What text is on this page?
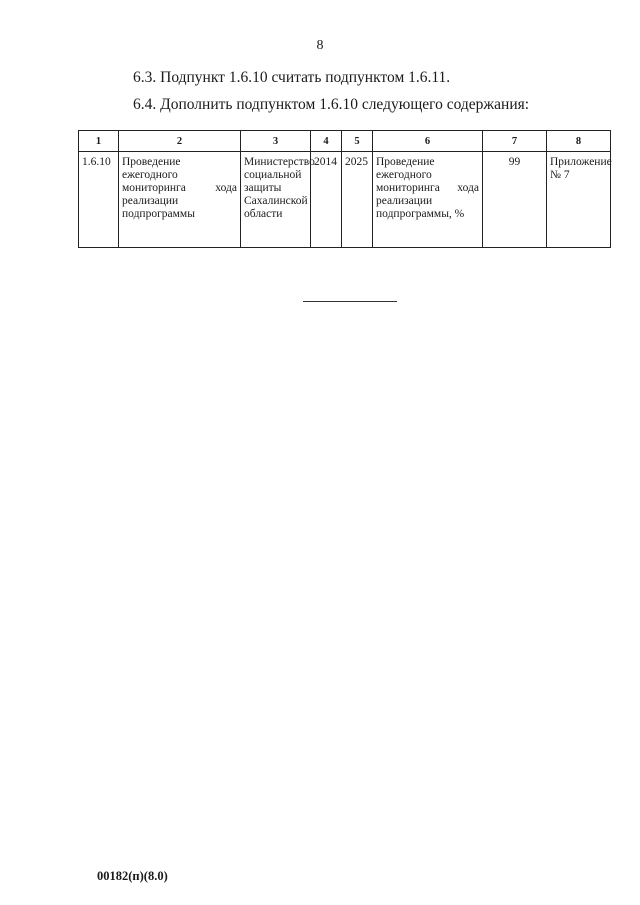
8
6.3. Подпункт 1.6.10 считать подпунктом 1.6.11.
6.4. Дополнить подпунктом 1.6.10 следующего содержания:
1	2	3	4	5	6	7	8
1.6.10	Проведение ежегодного мониторинга хода реализации подпрограммы	Министерство социальной защиты Сахалинской области	2014	2025	Проведение ежегодного мониторинга хода реализации подпрограммы, %	99	Приложение № 7
00182(п)(8.0)
